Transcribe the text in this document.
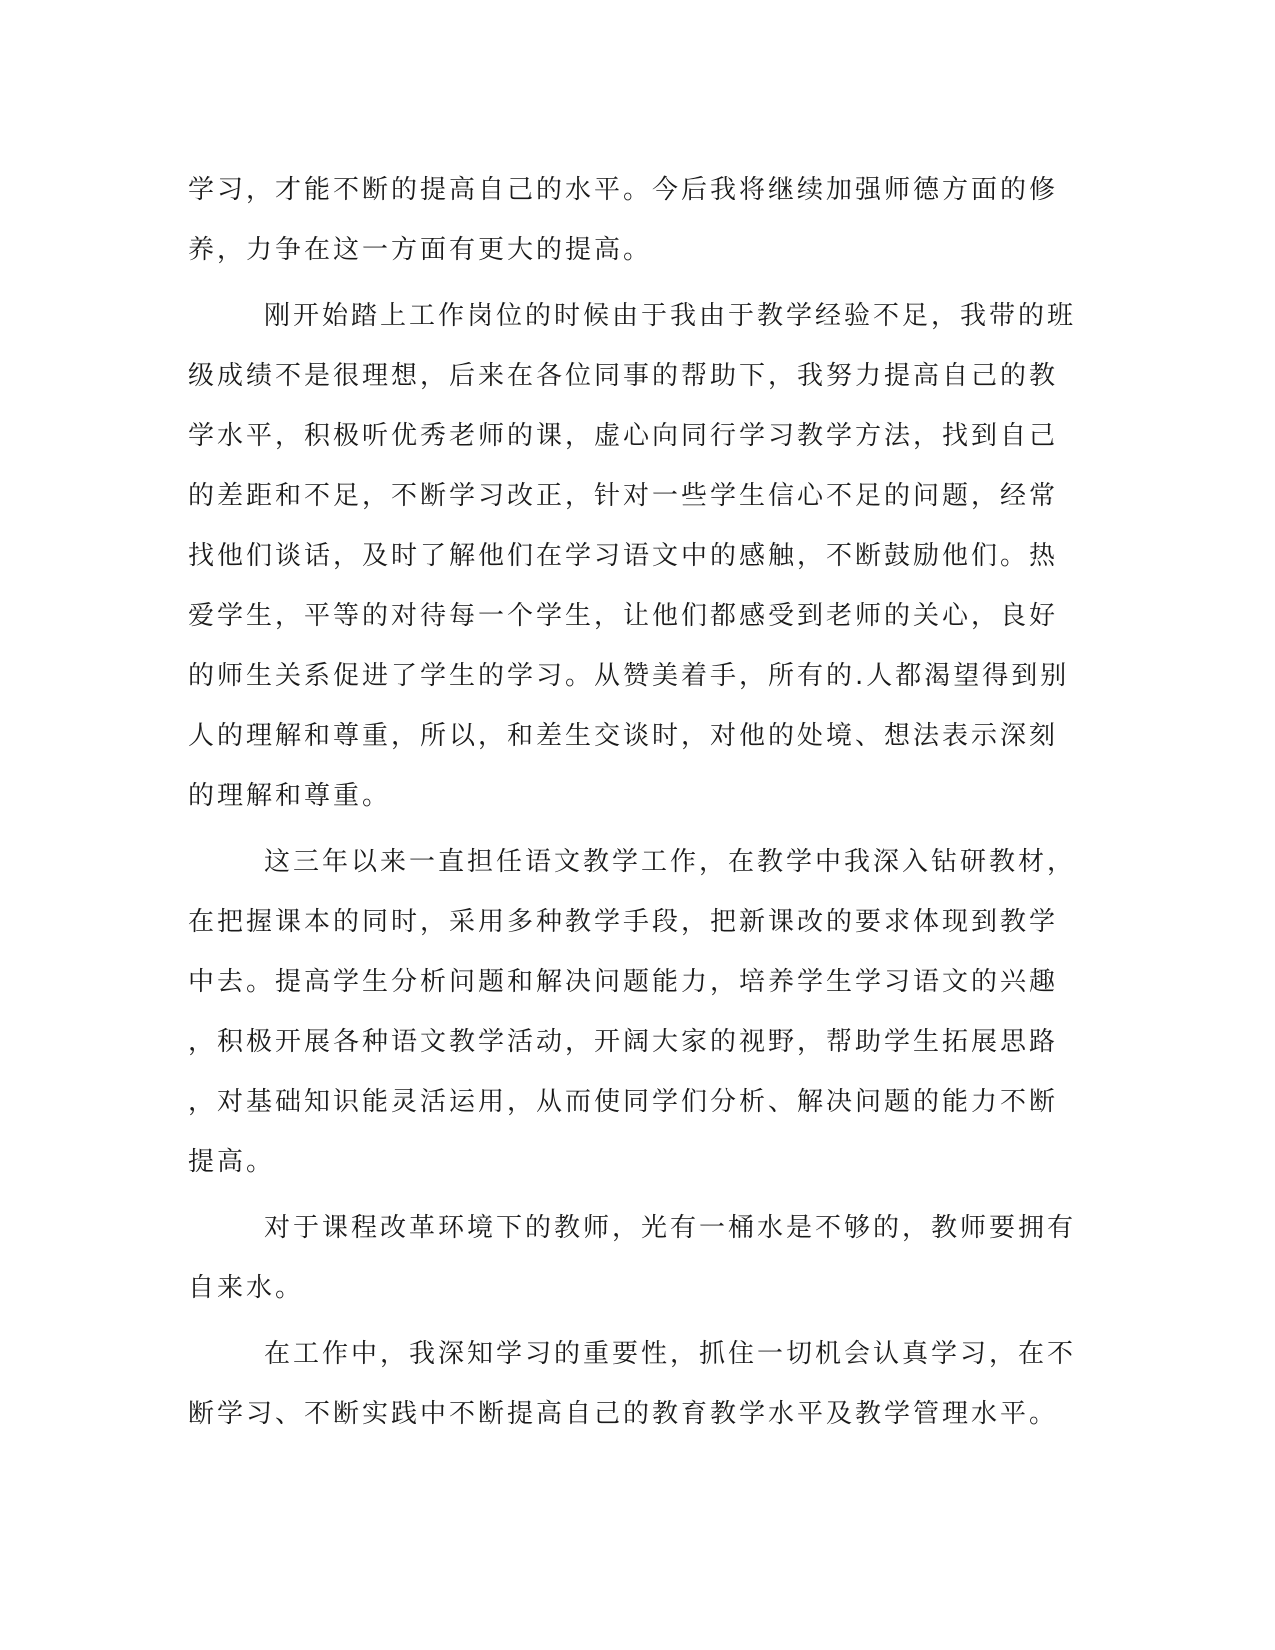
学习，才能不断的提高自己的水平。今后我将继续加强师德方面的修
养，力争在这一方面有更大的提高。
刚开始踏上工作岗位的时候由于我由于教学经验不足，我带的班
级成绩不是很理想，后来在各位同事的帮助下，我努力提高自己的教
学水平，积极听优秀老师的课，虚心向同行学习教学方法，找到自己
的差距和不足，不断学习改正，针对一些学生信心不足的问题，经常
找他们谈话，及时了解他们在学习语文中的感触，不断鼓励他们。热
爱学生，平等的对待每一个学生，让他们都感受到老师的关心，良好
的师生关系促进了学生的学习。从赞美着手，所有的.人都渴望得到别
人的理解和尊重，所以，和差生交谈时，对他的处境、想法表示深刻
的理解和尊重。
这三年以来一直担任语文教学工作，在教学中我深入钻研教材，
在把握课本的同时，采用多种教学手段，把新课改的要求体现到教学
中去。提高学生分析问题和解决问题能力，培养学生学习语文的兴趣
，积极开展各种语文教学活动，开阔大家的视野，帮助学生拓展思路
，对基础知识能灵活运用，从而使同学们分析、解决问题的能力不断
提高。
对于课程改革环境下的教师，光有一桶水是不够的，教师要拥有
自来水。
在工作中，我深知学习的重要性，抓住一切机会认真学习，在不
断学习、不断实践中不断提高自己的教育教学水平及教学管理水平。
